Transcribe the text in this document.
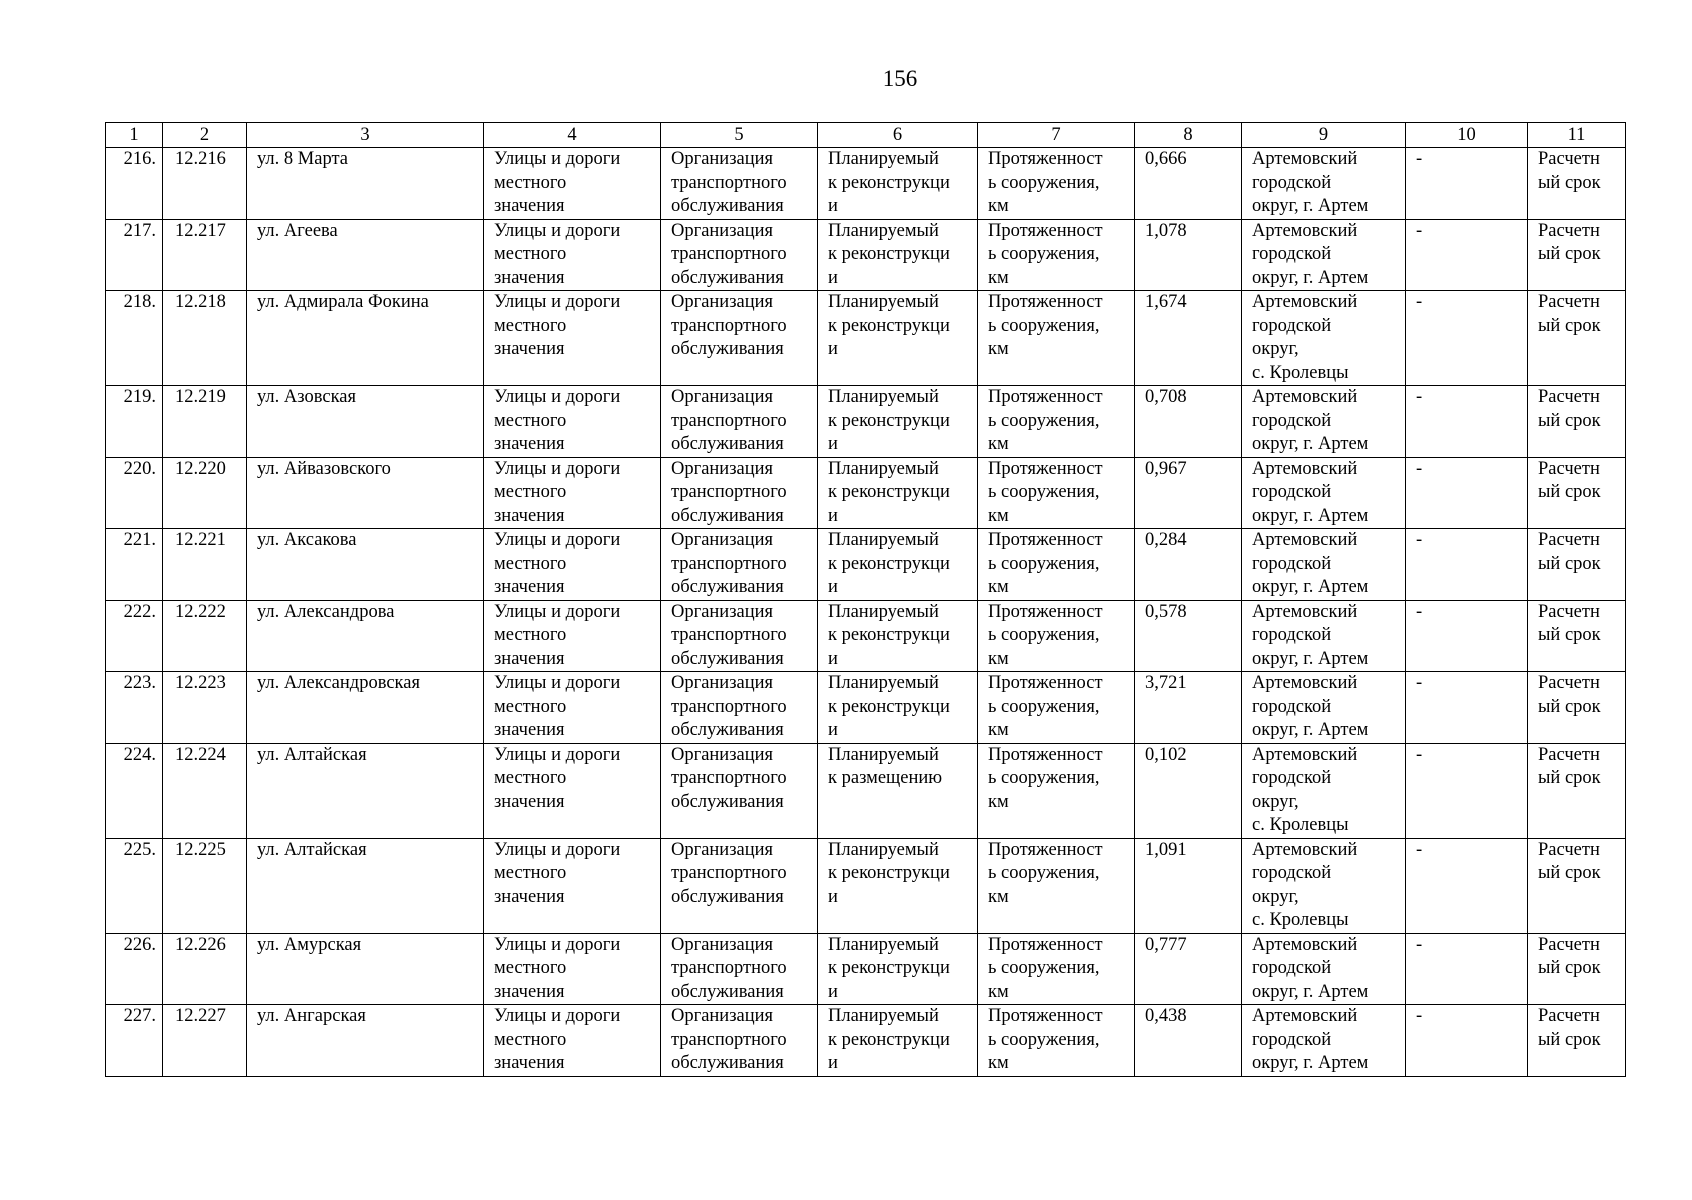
156
1	2	3	4	5	6	7	8	9	10	11
216.	12.216	ул. 8 Марта	Улицы и дороги
местного
значения	Организация
транспортного
обслуживания	Планируемый
к реконструкци
и	Протяженност
ь сооружения,
км	0,666	Артемовский
городской
округ, г. Артем	-	Расчетн
ый срок
217.	12.217	ул. Агеева	Улицы и дороги
местного
значения	Организация
транспортного
обслуживания	Планируемый
к реконструкци
и	Протяженност
ь сооружения,
км	1,078	Артемовский
городской
округ, г. Артем	-	Расчетн
ый срок
218.	12.218	ул. Адмирала Фокина	Улицы и дороги
местного
значения	Организация
транспортного
обслуживания	Планируемый
к реконструкци
и	Протяженност
ь сооружения,
км	1,674	Артемовский
городской
округ,
с. Кролевцы	-	Расчетн
ый срок
219.	12.219	ул. Азовская	Улицы и дороги
местного
значения	Организация
транспортного
обслуживания	Планируемый
к реконструкци
и	Протяженност
ь сооружения,
км	0,708	Артемовский
городской
округ, г. Артем	-	Расчетн
ый срок
220.	12.220	ул. Айвазовского	Улицы и дороги
местного
значения	Организация
транспортного
обслуживания	Планируемый
к реконструкци
и	Протяженност
ь сооружения,
км	0,967	Артемовский
городской
округ, г. Артем	-	Расчетн
ый срок
221.	12.221	ул. Аксакова	Улицы и дороги
местного
значения	Организация
транспортного
обслуживания	Планируемый
к реконструкци
и	Протяженност
ь сооружения,
км	0,284	Артемовский
городской
округ, г. Артем	-	Расчетн
ый срок
222.	12.222	ул. Александрова	Улицы и дороги
местного
значения	Организация
транспортного
обслуживания	Планируемый
к реконструкци
и	Протяженност
ь сооружения,
км	0,578	Артемовский
городской
округ, г. Артем	-	Расчетн
ый срок
223.	12.223	ул. Александровская	Улицы и дороги
местного
значения	Организация
транспортного
обслуживания	Планируемый
к реконструкци
и	Протяженност
ь сооружения,
км	3,721	Артемовский
городской
округ, г. Артем	-	Расчетн
ый срок
224.	12.224	ул. Алтайская	Улицы и дороги
местного
значения	Организация
транспортного
обслуживания	Планируемый
к размещению	Протяженност
ь сооружения,
км	0,102	Артемовский
городской
округ,
с. Кролевцы	-	Расчетн
ый срок
225.	12.225	ул. Алтайская	Улицы и дороги
местного
значения	Организация
транспортного
обслуживания	Планируемый
к реконструкци
и	Протяженност
ь сооружения,
км	1,091	Артемовский
городской
округ,
с. Кролевцы	-	Расчетн
ый срок
226.	12.226	ул. Амурская	Улицы и дороги
местного
значения	Организация
транспортного
обслуживания	Планируемый
к реконструкци
и	Протяженност
ь сооружения,
км	0,777	Артемовский
городской
округ, г. Артем	-	Расчетн
ый срок
227.	12.227	ул. Ангарская	Улицы и дороги
местного
значения	Организация
транспортного
обслуживания	Планируемый
к реконструкци
и	Протяженност
ь сооружения,
км	0,438	Артемовский
городской
округ, г. Артем	-	Расчетн
ый срок
